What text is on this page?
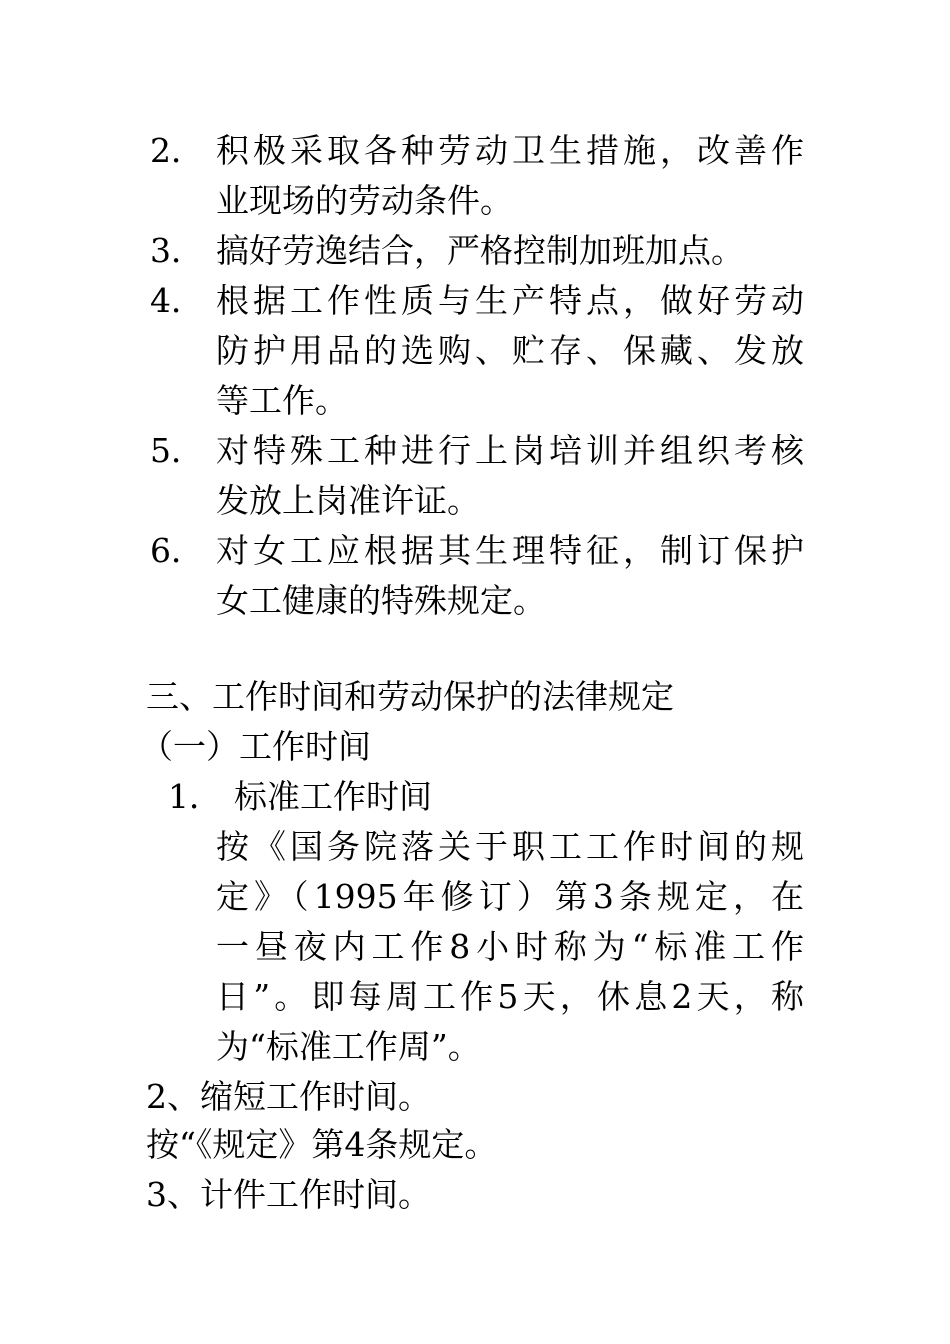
2． 积极采取各种劳动卫生措施，改善作
业现场的劳动条件。
3． 搞好劳逸结合，严格控制加班加点。
4． 根据工作性质与生产特点，做好劳动
防护用品的选购、贮存、保藏、发放
等工作。
5． 对特殊工种进行上岗培训并组织考核
发放上岗准许证。
6． 对女工应根据其生理特征，制订保护
女工健康的特殊规定。
三、工作时间和劳动保护的法律规定
（一）工作时间
1． 标准工作时间
按《国务院落关于职工工作时间的规
定》（1995年修订）第3条规定，在
一昼夜内工作8小时称为“标准工作
日”。即每周工作5天，休息2天，称
为“标准工作周”。
2、缩短工作时间。
按“《规定》第4条规定。
3、计件工作时间。
